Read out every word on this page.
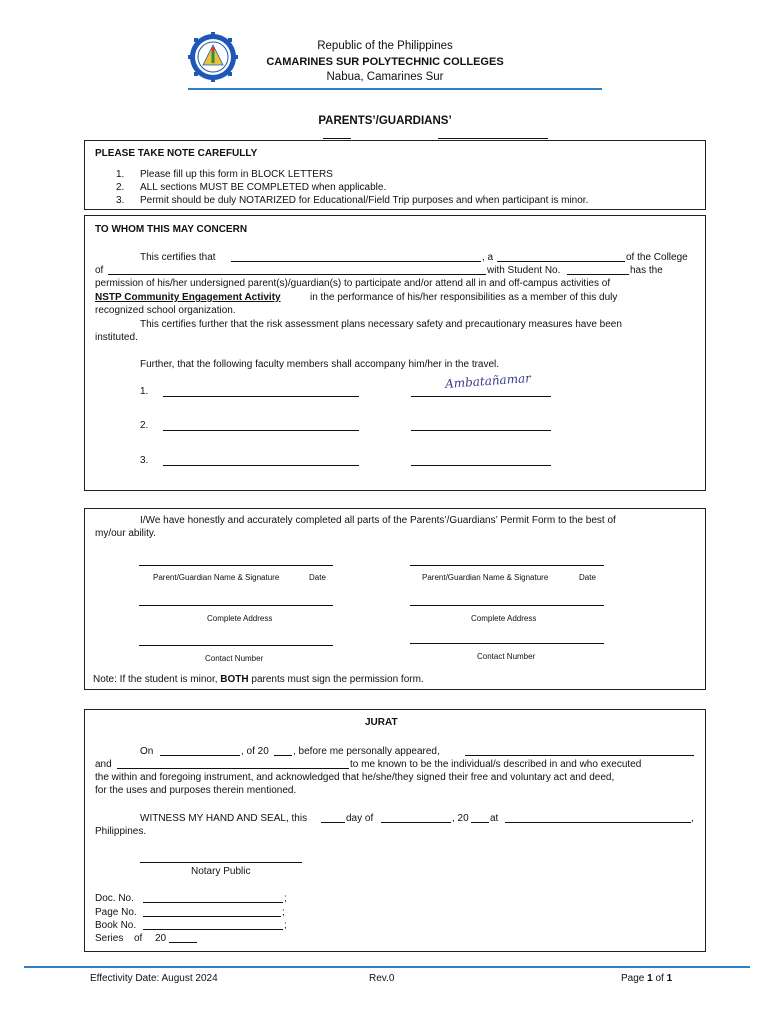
Republic of the Philippines
CAMARINES SUR POLYTECHNIC COLLEGES
Nabua, Camarines Sur
PARENTS’/GUARDIANS’
PLEASE TAKE NOTE CAREFULLY
1. Please fill up this form in BLOCK LETTERS
2. ALL sections MUST BE COMPLETED when applicable.
3. Permit should be duly NOTARIZED for Educational/Field Trip purposes and when participant is minor.
TO WHOM THIS MAY CONCERN
This certifies that	, a	of the College
of	with Student No.	has the
permission of his/her undersigned parent(s)/guardian(s) to participate and/or attend all in and off-campus activities of
NSTP Community Engagement Activity	in the performance of his/her responsibilities as a member of this duly
recognized school organization.
This certifies further that the risk assessment plans necessary safety and precautionary measures have been
instituted.
Further, that the following faculty members shall accompany him/her in the travel.
1.
Ambatañamar
2.
3.
I/We have honestly and accurately completed all parts of the Parents’/Guardians’ Permit Form to the best of
my/our ability.
Parent/Guardian Name & Signature	Date	Parent/Guardian Name & Signature	Date
Complete Address	Complete Address
Contact Number	Contact Number
Note: If the student is minor, BOTH parents must sign the permission form.
JURAT
On	, of 20 , before me personally appeared,
and	to me known to be the individual/s described in and who executed
the within and foregoing instrument, and acknowledged that he/she/they signed their free and voluntary act and deed,
for the uses and purposes therein mentioned.
WITNESS MY HAND AND SEAL, this	day of	, 20 at	,
Philippines.
Notary Public
Doc. No.	;
Page No.	;
Book No.	;
Series of 20
Effectivity Date: August 2024	Rev.0	Page 1 of 1
